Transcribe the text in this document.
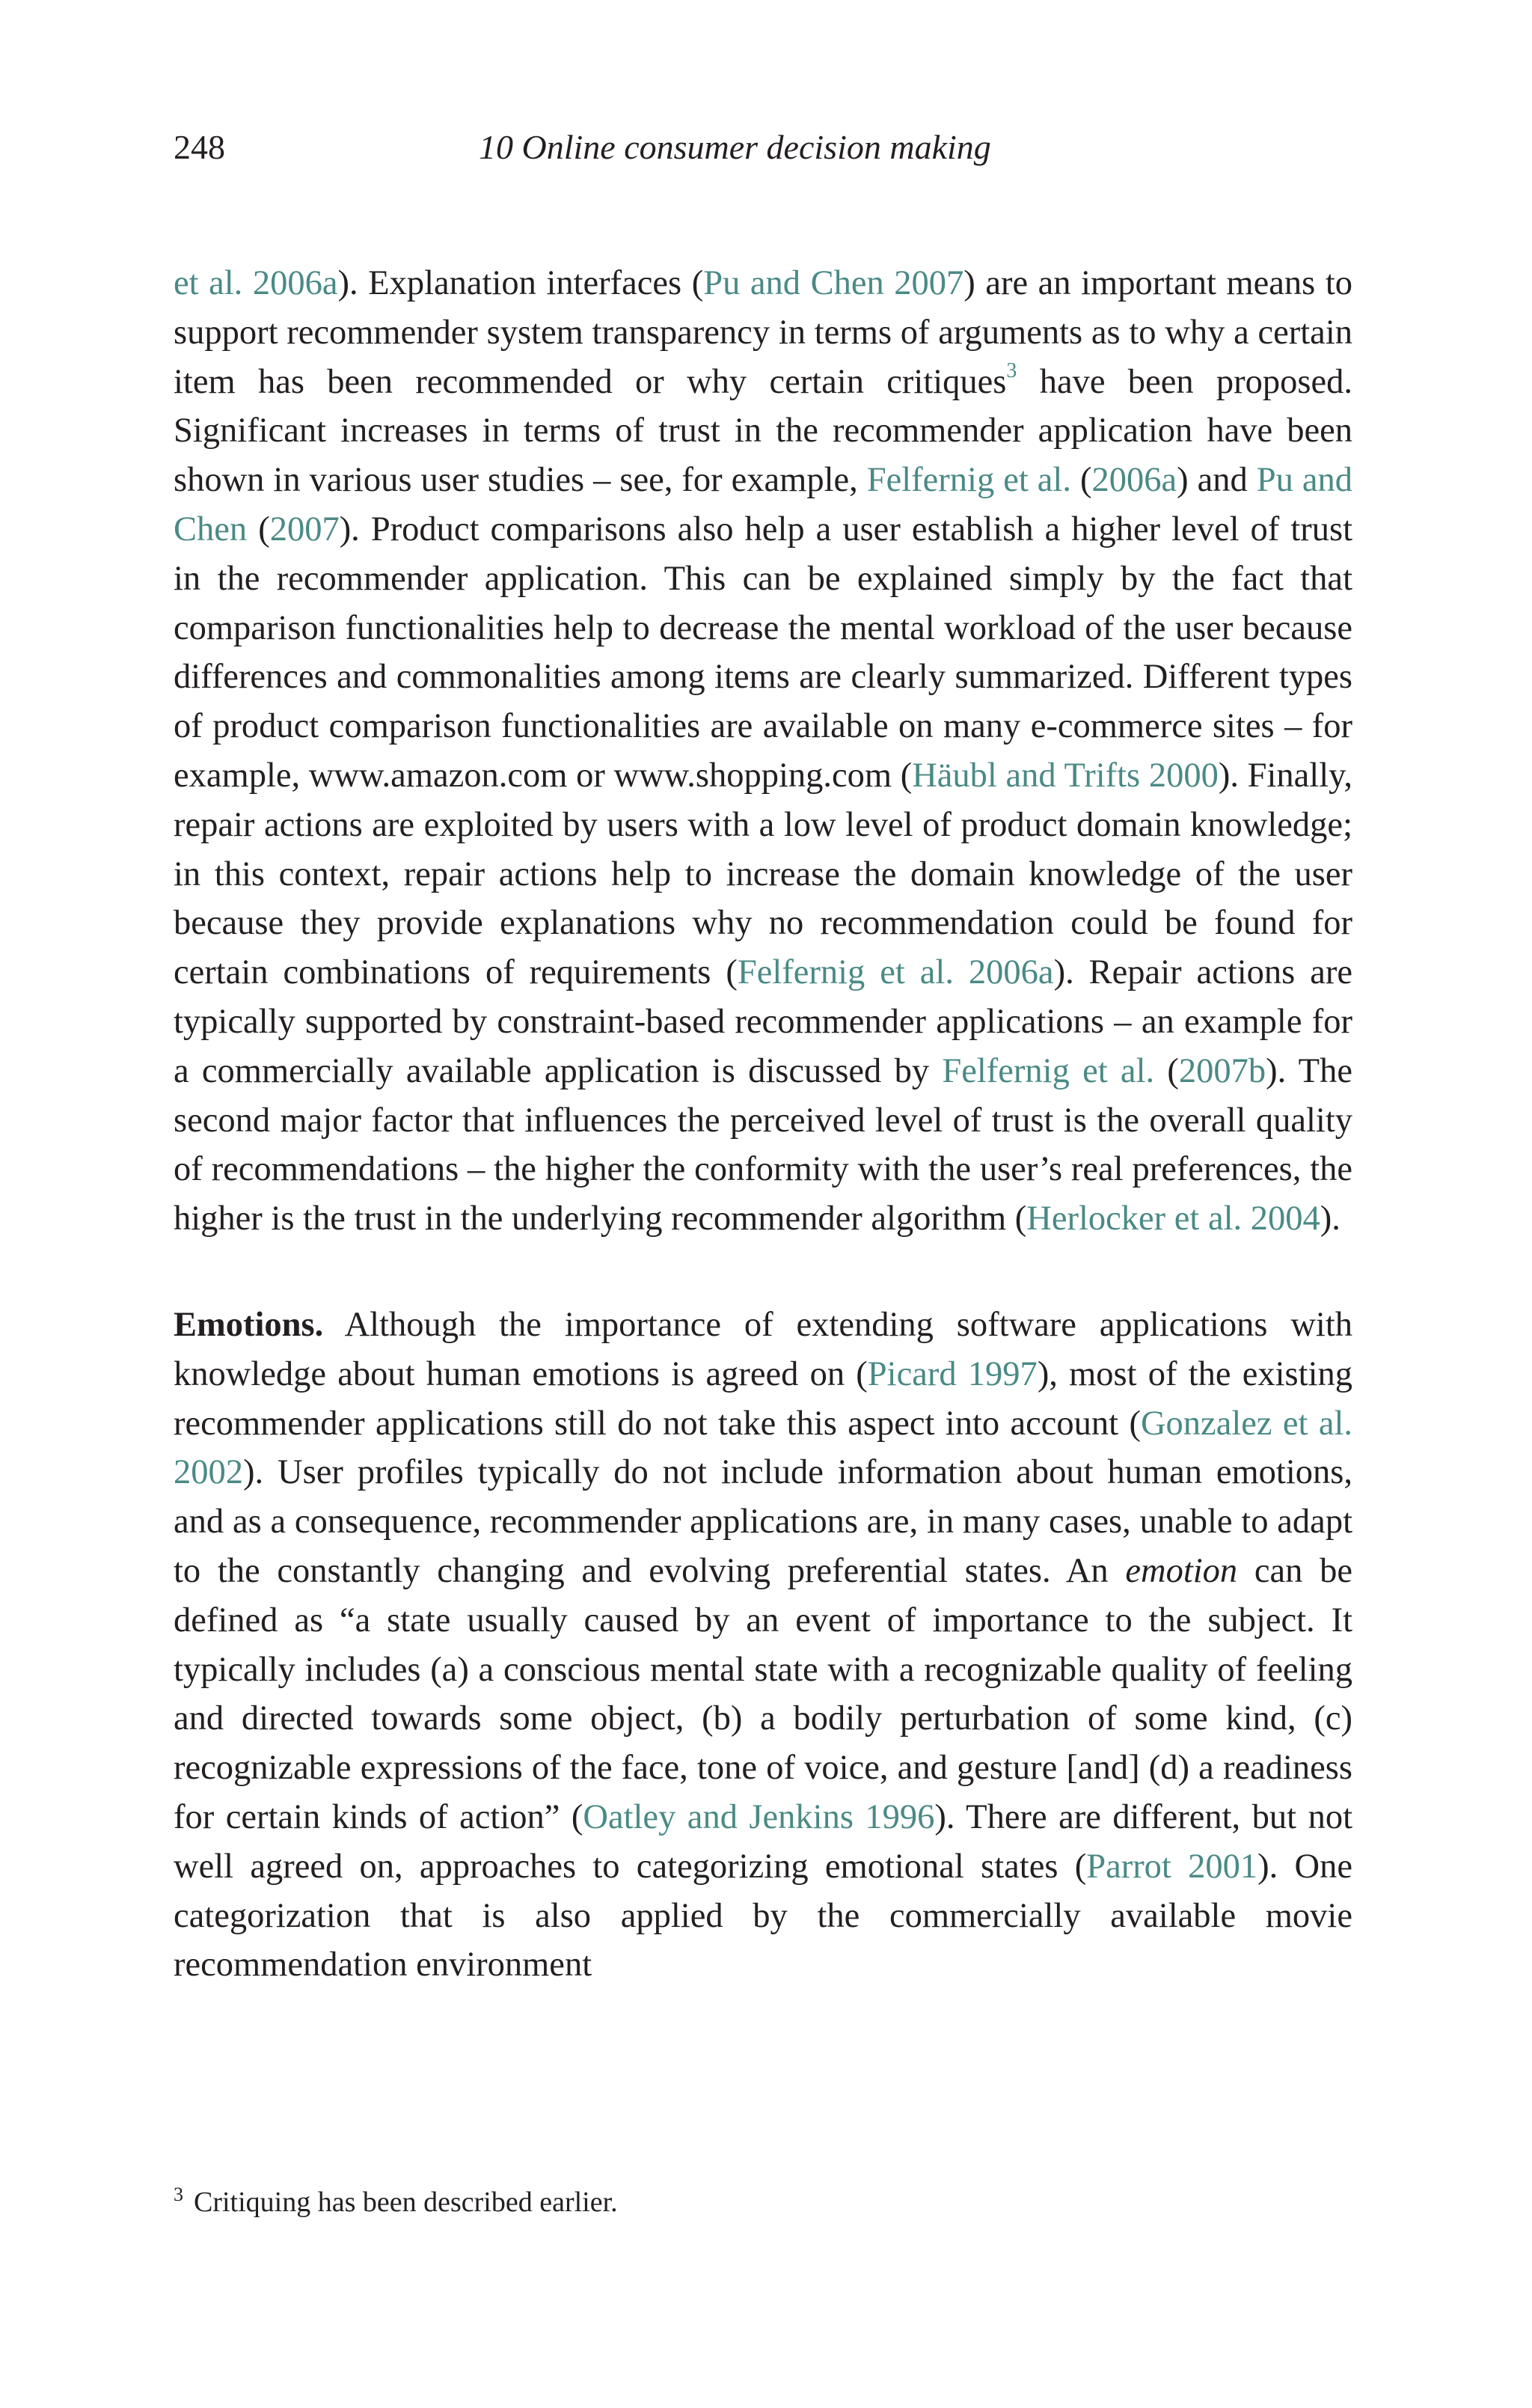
248	10 Online consumer decision making

et al. 2006a). Explanation interfaces (Pu and Chen 2007) are an important means to support recommender system transparency in terms of arguments as to why a certain item has been recommended or why certain critiques$^3$ have been proposed. Significant increases in terms of trust in the recommender application have been shown in various user studies – see, for example, Felfernig et al. (2006a) and Pu and Chen (2007). Product comparisons also help a user establish a higher level of trust in the recommender application. This can be explained simply by the fact that comparison functionalities help to decrease the mental workload of the user because differences and commonalities among items are clearly summarized. Different types of product comparison functionalities are available on many e-commerce sites – for example, www.amazon.com or www.shopping.com (Häubl and Trifts 2000). Finally, repair actions are exploited by users with a low level of product domain knowledge; in this context, repair actions help to increase the domain knowledge of the user because they provide explanations why no recommendation could be found for certain combinations of requirements (Felfernig et al. 2006a). Repair actions are typically supported by constraint-based recommender applications – an example for a commercially available application is discussed by Felfernig et al. (2007b). The second major factor that influences the perceived level of trust is the overall quality of recommendations – the higher the conformity with the user’s real preferences, the higher is the trust in the underlying recommender algorithm (Herlocker et al. 2004).

Emotions. Although the importance of extending software applications with knowledge about human emotions is agreed on (Picard 1997), most of the existing recommender applications still do not take this aspect into account (Gonzalez et al. 2002). User profiles typically do not include information about human emotions, and as a consequence, recommender applications are, in many cases, unable to adapt to the constantly changing and evolving preferential states. An emotion can be defined as “a state usually caused by an event of importance to the subject. It typically includes (a) a conscious mental state with a recognizable quality of feeling and directed towards some object, (b) a bodily perturbation of some kind, (c) recognizable expressions of the face, tone of voice, and gesture [and] (d) a readiness for certain kinds of action” (Oatley and Jenkins 1996). There are different, but not well agreed on, approaches to categorizing emotional states (Parrot 2001). One categorization that is also applied by the commercially available movie recommendation environment

$^3$ Critiquing has been described earlier.
